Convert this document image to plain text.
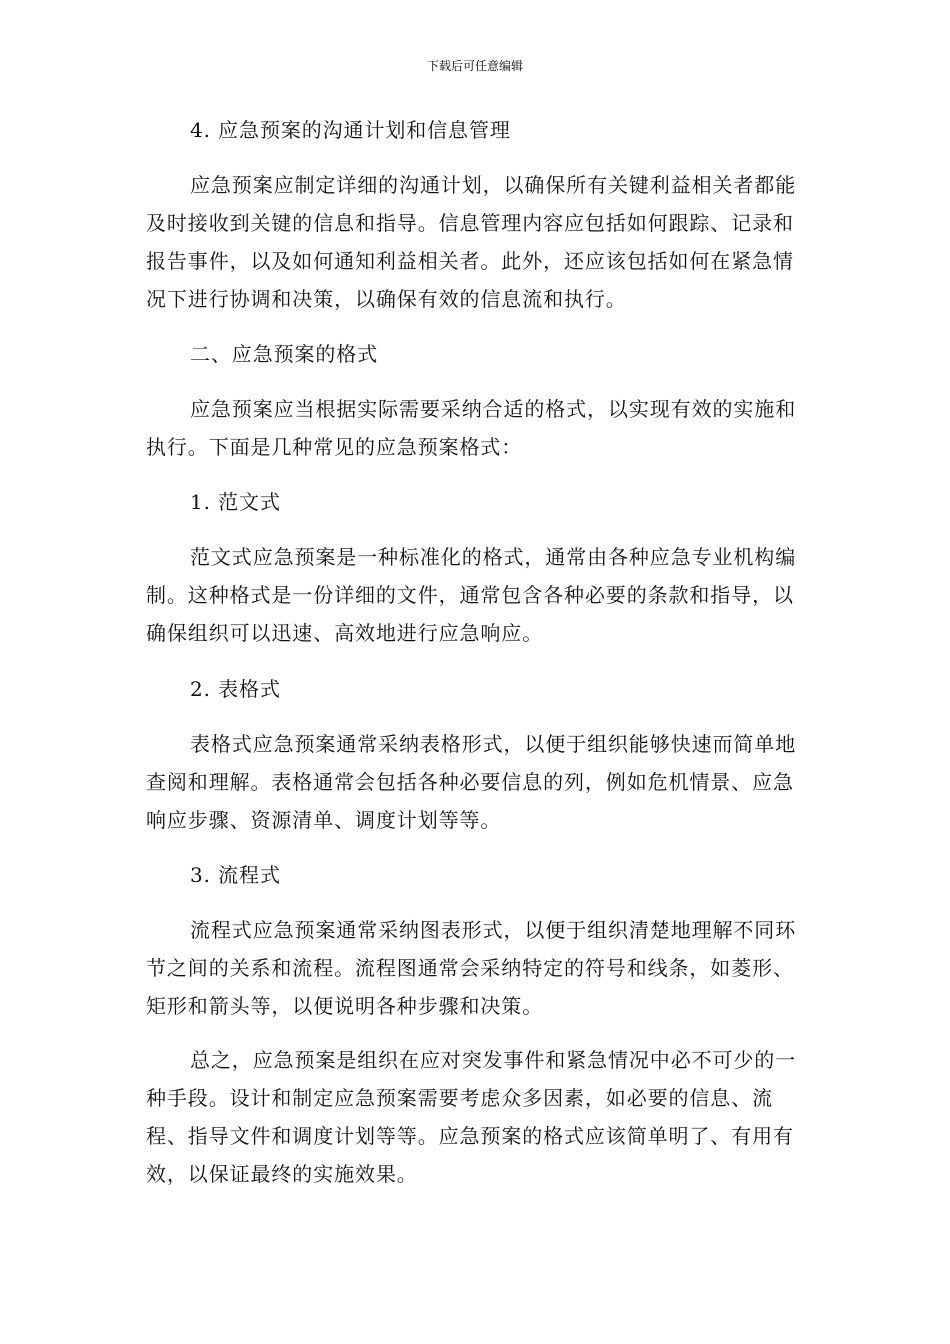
下载后可任意编辑

4. 应急预案的沟通计划和信息管理

应急预案应制定详细的沟通计划，以确保所有关键利益相关者都能及时接收到关键的信息和指导。信息管理内容应包括如何跟踪、记录和报告事件，以及如何通知利益相关者。此外，还应该包括如何在紧急情况下进行协调和决策，以确保有效的信息流和执行。

二、应急预案的格式

应急预案应当根据实际需要采纳合适的格式，以实现有效的实施和执行。下面是几种常见的应急预案格式：

1. 范文式

范文式应急预案是一种标准化的格式，通常由各种应急专业机构编制。这种格式是一份详细的文件，通常包含各种必要的条款和指导，以确保组织可以迅速、高效地进行应急响应。

2. 表格式

表格式应急预案通常采纳表格形式，以便于组织能够快速而简单地查阅和理解。表格通常会包括各种必要信息的列，例如危机情景、应急响应步骤、资源清单、调度计划等等。

3. 流程式

流程式应急预案通常采纳图表形式，以便于组织清楚地理解不同环节之间的关系和流程。流程图通常会采纳特定的符号和线条，如菱形、矩形和箭头等，以便说明各种步骤和决策。

总之，应急预案是组织在应对突发事件和紧急情况中必不可少的一种手段。设计和制定应急预案需要考虑众多因素，如必要的信息、流程、指导文件和调度计划等等。应急预案的格式应该简单明了、有用有效，以保证最终的实施效果。
